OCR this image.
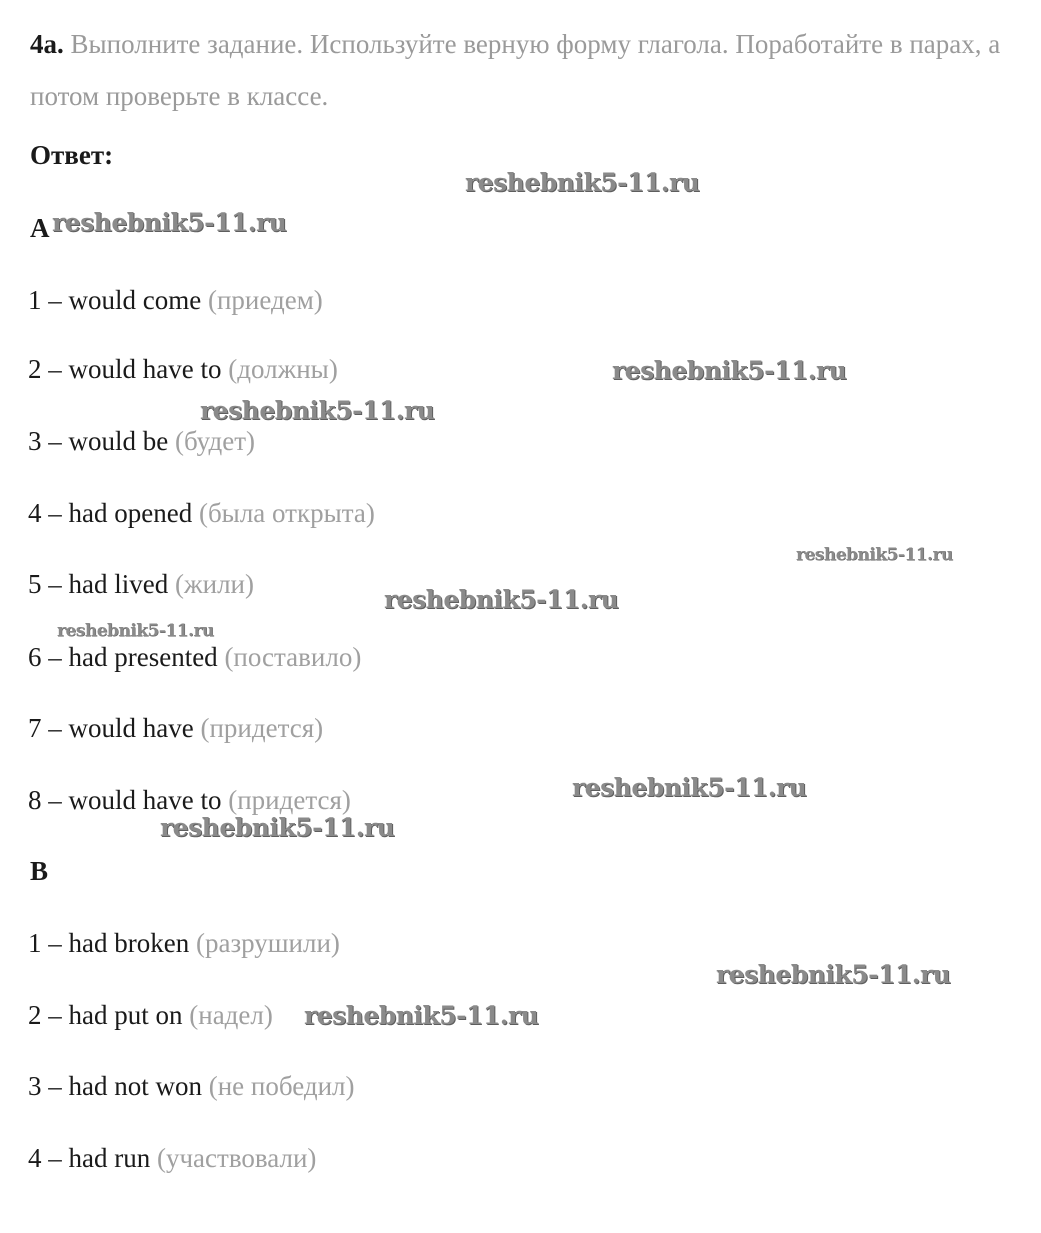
4a. Выполните задание. Используйте верную форму глагола. Поработайте в парах, а потом проверьте в классе.
Ответ:
A
1 – would come (приедем)
2 – would have to (должны)
3 – would be (будет)
4 – had opened (была открыта)
5 – had lived (жили)
6 – had presented (поставило)
7 – would have (придется)
8 – would have to (придется)
B
1 – had broken (разрушили)
2 – had put on (надел)
3 – had not won (не победил)
4 – had run (участвовали)
reshebnik5-11.ru
reshebnik5-11.ru
reshebnik5-11.ru
reshebnik5-11.ru
reshebnik5-11.ru
reshebnik5-11.ru
reshebnik5-11.ru
reshebnik5-11.ru
reshebnik5-11.ru
reshebnik5-11.ru
reshebnik5-11.ru
